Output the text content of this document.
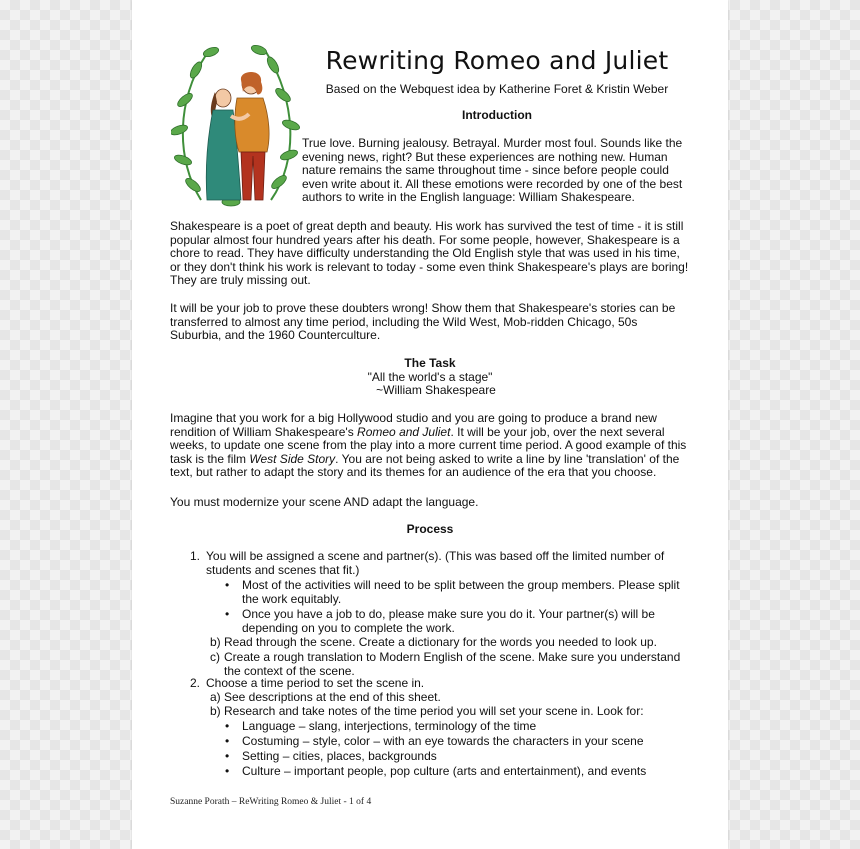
Rewriting Romeo and Juliet
Based on the Webquest idea by Katherine Foret & Kristin Weber
Introduction
True love. Burning jealousy. Betrayal. Murder most foul. Sounds like the evening news, right? But these experiences are nothing new. Human nature remains the same throughout time - since before people could even write about it. All these emotions were recorded by one of the best authors to write in the English language: William Shakespeare.
Shakespeare is a poet of great depth and beauty. His work has survived the test of time - it is still popular almost four hundred years after his death. For some people, however, Shakespeare is a chore to read. They have difficulty understanding the Old English style that was used in his time, or they don't think his work is relevant to today - some even think Shakespeare's plays are boring! They are truly missing out.
It will be your job to prove these doubters wrong! Show them that Shakespeare's stories can be transferred to almost any time period, including the Wild West, Mob-ridden Chicago, 50s Suburbia, and the 1960 Counterculture.
The Task
"All the world's a stage"
~William Shakespeare
Imagine that you work for a big Hollywood studio and you are going to produce a brand new rendition of William Shakespeare's Romeo and Juliet. It will be your job, over the next several weeks, to update one scene from the play into a more current time period. A good example of this task is the film West Side Story. You are not being asked to write a line by line 'translation' of the text, but rather to adapt the story and its themes for an audience of the era that you choose.
You must modernize your scene AND adapt the language.
Process
1. You will be assigned a scene and partner(s). (This was based off the limited number of students and scenes that fit.)
• Most of the activities will need to be split between the group members. Please split the work equitably.
• Once you have a job to do, please make sure you do it. Your partner(s) will be depending on you to complete the work.
b) Read through the scene. Create a dictionary for the words you needed to look up.
c) Create a rough translation to Modern English of the scene. Make sure you understand the context of the scene.
2. Choose a time period to set the scene in.
a) See descriptions at the end of this sheet.
b) Research and take notes of the time period you will set your scene in. Look for:
• Language – slang, interjections, terminology of the time
• Costuming – style, color – with an eye towards the characters in your scene
• Setting – cities, places, backgrounds
• Culture – important people, pop culture (arts and entertainment), and events
Suzanne Porath – ReWriting Romeo & Juliet - 1 of 4
